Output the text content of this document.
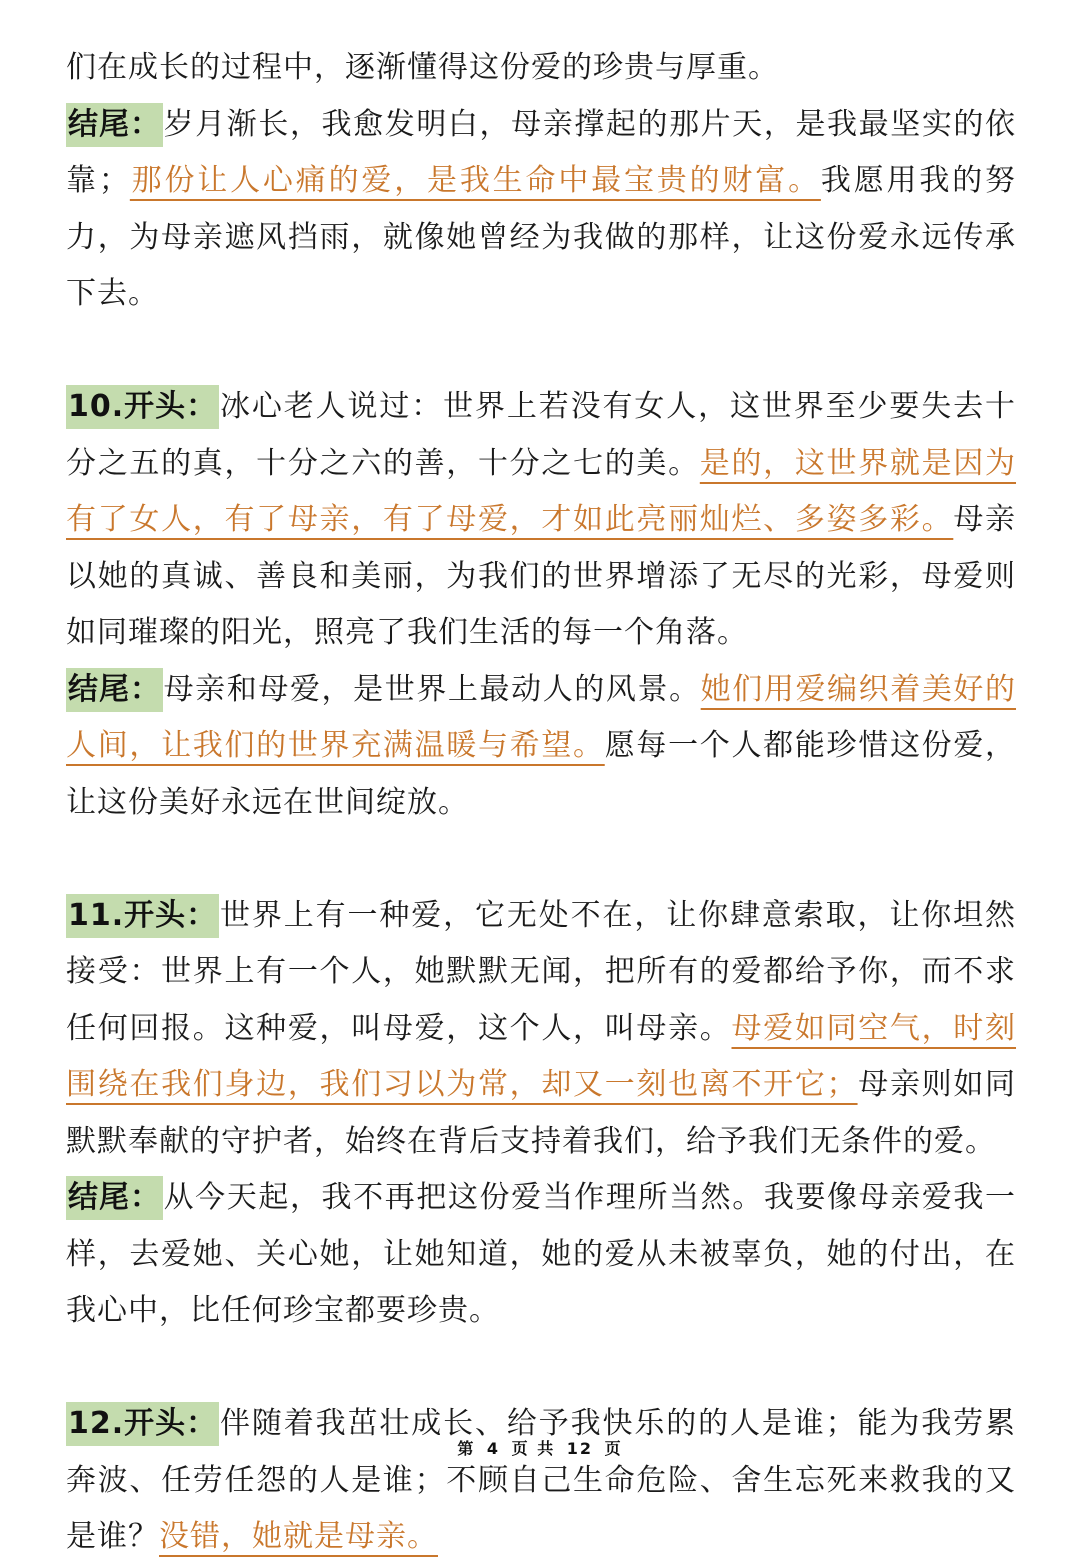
们在成长的过程中，逐渐懂得这份爱的珍贵与厚重。

结尾：岁月渐长，我愈发明白，母亲撑起的那片天，是我最坚实的依靠；那份让人心痛的爱，是我生命中最宝贵的财富。我愿用我的努力，为母亲遮风挡雨，就像她曾经为我做的那样，让这份爱永远传承下去。

10.开头：冰心老人说过：世界上若没有女人，这世界至少要失去十分之五的真，十分之六的善，十分之七的美。是的，这世界就是因为有了女人，有了母亲，有了母爱，才如此亮丽灿烂、多姿多彩。母亲以她的真诚、善良和美丽，为我们的世界增添了无尽的光彩，母爱则如同璀璨的阳光，照亮了我们生活的每一个角落。

结尾：母亲和母爱，是世界上最动人的风景。她们用爱编织着美好的人间，让我们的世界充满温暖与希望。愿每一个人都能珍惜这份爱，让这份美好永远在世间绽放。

11.开头：世界上有一种爱，它无处不在，让你肆意索取，让你坦然接受：世界上有一个人，她默默无闻，把所有的爱都给予你，而不求任何回报。这种爱，叫母爱，这个人，叫母亲。母爱如同空气，时刻围绕在我们身边，我们习以为常，却又一刻也离不开它；母亲则如同默默奉献的守护者，始终在背后支持着我们，给予我们无条件的爱。

结尾：从今天起，我不再把这份爱当作理所当然。我要像母亲爱我一样，去爱她、关心她，让她知道，她的爱从未被辜负，她的付出，在我心中，比任何珍宝都要珍贵。

12.开头：伴随着我茁壮成长、给予我快乐的的人是谁；能为我劳累奔波、任劳任怨的人是谁；不顾自己生命危险、舍生忘死来救我的又是谁？没错，她就是母亲。

第 4 页 共 12 页
